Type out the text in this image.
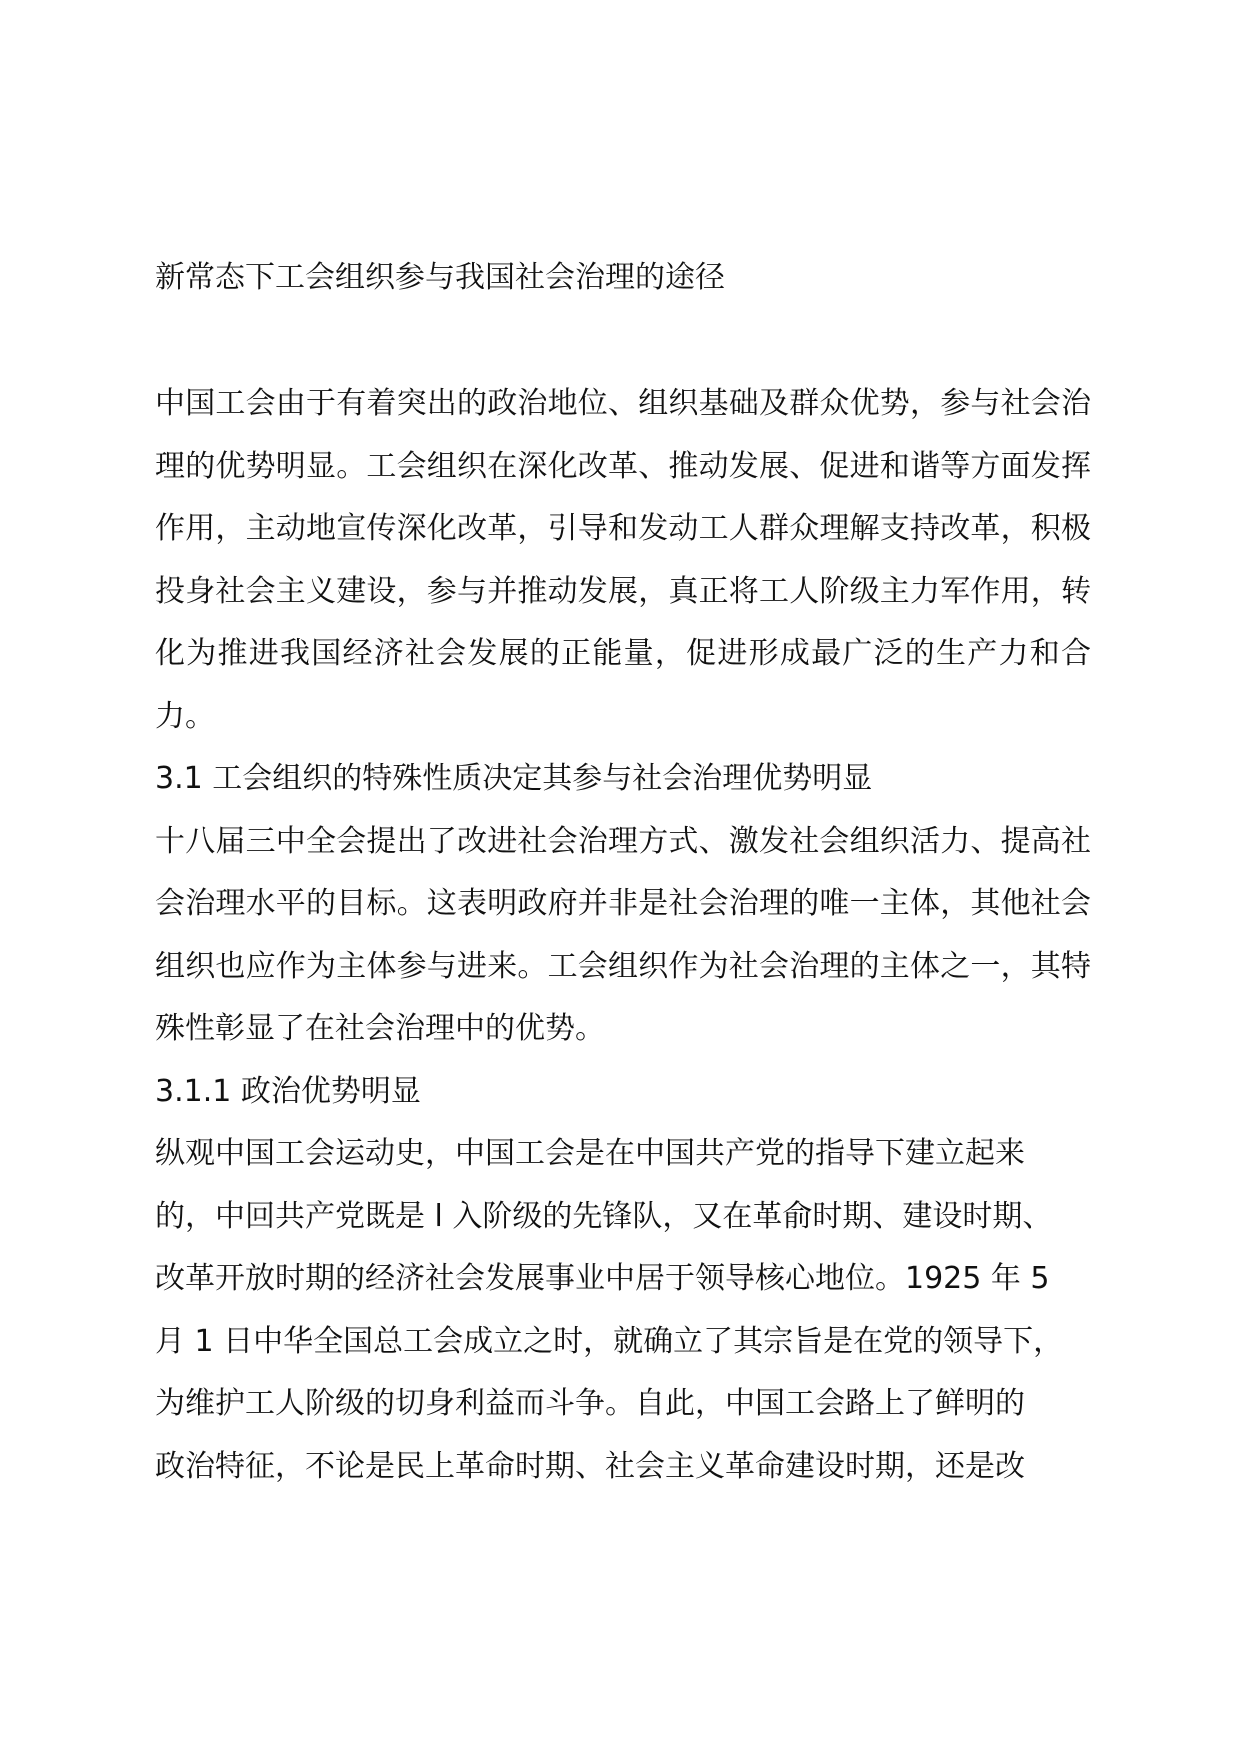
新常态下工会组织参与我国社会治理的途径

中国工会由于有着突出的政治地位、组织基础及群众优势，参与社会治理的优势明显。工会组织在深化改革、推动发展、促进和谐等方面发挥作用，主动地宣传深化改革，引导和发动工人群众理解支持改革，积极投身社会主义建设，参与并推动发展，真正将工人阶级主力军作用，转化为推进我国经济社会发展的正能量，促进形成最广泛的生产力和合力。

3.1 工会组织的特殊性质决定其参与社会治理优势明显

十八届三中全会提出了改进社会治理方式、激发社会组织活力、提高社会治理水平的目标。这表明政府并非是社会治理的唯一主体，其他社会组织也应作为主体参与进来。工会组织作为社会治理的主体之一，其特殊性彰显了在社会治理中的优势。

3.1.1 政治优势明显

纵观中国工会运动史，中国工会是在中国共产党的指导下建立起来
的，中回共产党既是 l 入阶级的先锋队，又在革俞时期、建设时期、
改革开放时期的经济社会发展事业中居于领导核心地位。1925 年 5
月 1 日中华全国总工会成立之时，就确立了其宗旨是在党的领导下，
为维护工人阶级的切身利益而斗争。自此，中国工会路上了鲜明的
政治特征，不论是民上革命时期、社会主义革命建设时期，还是改
